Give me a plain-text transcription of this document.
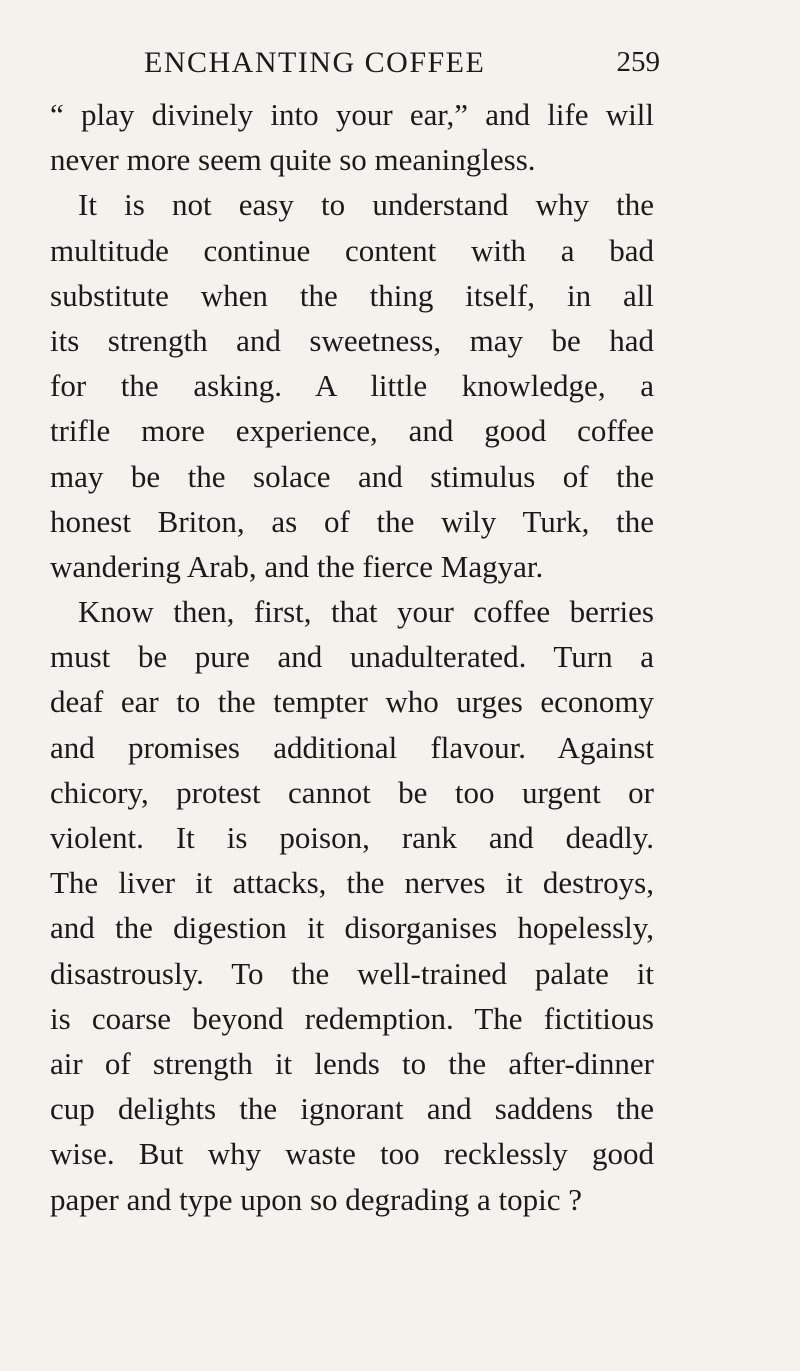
ENCHANTING COFFEE	259
“ play divinely into your ear,” and life will
never more seem quite so meaningless.
It is not easy to understand why the
multitude continue content with a bad
substitute when the thing itself, in all
its strength and sweetness, may be had
for the asking. A little knowledge, a
trifle more experience, and good coffee
may be the solace and stimulus of the
honest Briton, as of the wily Turk, the
wandering Arab, and the fierce Magyar.
Know then, first, that your coffee berries
must be pure and unadulterated. Turn a
deaf ear to the tempter who urges economy
and promises additional flavour. Against
chicory, protest cannot be too urgent or
violent. It is poison, rank and deadly.
The liver it attacks, the nerves it destroys,
and the digestion it disorganises hopelessly,
disastrously. To the well-trained palate it
is coarse beyond redemption. The fictitious
air of strength it lends to the after-dinner
cup delights the ignorant and saddens the
wise. But why waste too recklessly good
paper and type upon so degrading a topic ?
